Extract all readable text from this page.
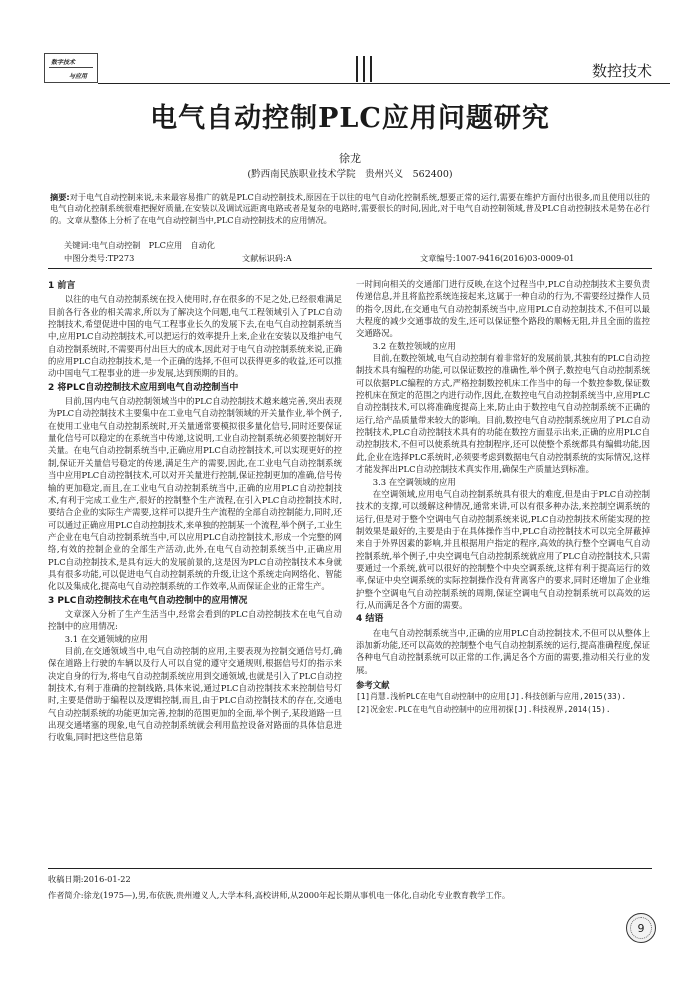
数字技术
与应用	数控技术
电气自动控制PLC应用问题研究
徐龙
(黔西南民族职业技术学院　贵州兴义　562400)
摘要:对于电气自动控制来说,未来最容易推广的就是PLC自动控制技术,原因在于以往的电气自动化控制系统,想要正常的运行,需要在维护方面付出很多,而且使用以往的电气自动化控制系统很难把握好质量,在安装以及调试远距离电路或者是复杂的电路时,需要很长的时间,因此,对于电气自动控制领域,普及PLC自动控制技术是势在必行的。文章从整体上分析了在电气自动控制当中,PLC自动控制技术的应用情况。
关键词:电气自动控制　PLC应用　自动化
中图分类号:TP273	文献标识码:A	文章编号:1007-9416(2016)03-0009-01
1 前言

以往的电气自动控制系统在投入使用时,存在很多的不足之处,已经很难满足目前各行各业的相关需求,所以为了解决这个问题,电气工程领域引入了PLC自动控制技术,希望促进中国的电气工程事业长久的发展下去,在电气自动控制系统当中,应用PLC自动控制技术,可以把运行的效率提升上来,企业在安装以及维护电气自动控制系统时,不需要再付出巨大的成本,因此对于电气自动控制系统来说,正确的应用PLC自动控制技术,是一个正确的选择,不但可以获得更多的收益,还可以推动中国电气工程事业的进一步发展,达到预期的目的。

2 将PLC自动控制技术应用到电气自动控制当中

目前,国内电气自动控制领域当中的PLC自动控制技术越来越完善,突出表现为PLC自动控制技术主要集中在工业电气自动控制领域的开关量作业,举个例子,在使用工业电气自动控制系统时,开关量通常要模拟很多量化信号,同时还要保证量化信号可以稳定的在系统当中传递,这说明,工业自动控制系统必须要控制好开关量。在电气自动控制系统当中,正确应用PLC自动控制技术,可以实现更好的控制,保证开关量信号稳定的传递,满足生产的需要,因此,在工业电气自动控制系统当中应用PLC自动控制技术,可以对开关量进行控制,保证控制更加的准确,信号传输的更加稳定,而且,在工业电气自动控制系统当中,正确的应用PLC自动控制技术,有利于完成工业生产,很好的控制整个生产流程,在引入PLC自动控制技术时,要结合企业的实际生产需要,这样可以提升生产流程的全部自动控制能力,同时,还可以通过正确应用PLC自动控制技术,来单独的控制某一个流程,举个例子,工业生产企业在电气自动控制系统当中,可以应用PLC自动控制技术,形成一个完整的网络,有效的控制企业的全部生产活动,此外,在电气自动控制系统当中,正确应用PLC自动控制技术,是具有远大的发展前景的,这是因为PLC自动控制技术本身就具有很多功能,可以促进电气自动控制系统的升级,让这个系统走向网络化、智能化以及集成化,提高电气自动控制系统的工作效率,从而保证企业的正常生产。

3 PLC自动控制技术在电气自动控制中的应用情况

文章深入分析了生产生活当中,经常会看到的PLC自动控制技术在电气自动控制中的应用情况:

3.1 在交通领域的应用

目前,在交通领域当中,电气自动控制的应用,主要表现为控制交通信号灯,确保在道路上行驶的车辆以及行人可以自觉的遵守交通规则,根据信号灯的指示来决定自身的行为,将电气自动控制系统应用到交通领域,也就是引入了PLC自动控制技术,有利于准确的控制线路,具体来说,通过PLC自动控制技术来控制信号灯时,主要是借助于编程以及逻辑控制,而且,由于PLC自动控制技术的存在,交通电气自动控制系统的功能更加完善,控制的范围更加的全面,举个例子,某段道路一旦出现交通堵塞的现象,电气自动控制系统就会利用监控设备对路面的具体信息进行收集,同时把这些信息第

一时间向相关的交通部门进行反映,在这个过程当中,PLC自动控制技术主要负责传递信息,并且将监控系统连接起来,这属于一种自动的行为,不需要经过操作人员的指令,因此,在交通电气自动控制系统当中,应用PLC自动控制技术,不但可以最大程度的减少交通事故的发生,还可以保证整个路段的顺畅无阻,并且全面的监控交通路况。

3.2 在数控领域的应用

目前,在数控领域,电气自动控制有着非常好的发展前景,其独有的PLC自动控制技术具有编程的功能,可以保证数控的准确性,举个例子,数控电气自动控制系统可以依据PLC编程的方式,严格控制数控机床工作当中的每一个数控参数,保证数控机床在预定的范围之内进行动作,因此,在数控电气自动控制系统当中,应用PLC自动控制技术,可以将准确度提高上来,防止由于数控电气自动控制系统不正确的运行,给产品质量带来较大的影响。目前,数控电气自动控制系统应用了PLC自动控制技术,PLC自动控制技术具有的功能在数控方面显示出来,正确的应用PLC自动控制技术,不但可以使系统具有控制程序,还可以使整个系统都具有编辑功能,因此,企业在选择PLC系统时,必须要考虑到数据电气自动控制系统的实际情况,这样才能发挥出PLC自动控制技术真实作用,确保生产质量达到标准。

3.3 在空调领域的应用

在空调领域,应用电气自动控制系统具有很大的难度,但是由于PLC自动控制技术的支撑,可以缓解这种情况,通常来讲,可以有很多种办法,来控制空调系统的运行,但是对于整个空调电气自动控制系统来说,PLC自动控制技术所能实现的控制效果是最好的,主要是由于在具体操作当中,PLC自动控制技术可以完全屏蔽掉来自于外界因素的影响,并且根据用户指定的程序,高效的执行整个空调电气自动控制系统,举个例子,中央空调电气自动控制系统就应用了PLC自动控制技术,只需要通过一个系统,就可以很好的控制整个中央空调系统,这样有利于提高运行的效率,保证中央空调系统的实际控制操作没有背离客户的要求,同时还增加了企业维护整个空调电气自动控制系统的周期,保证空调电气自动控制系统可以高效的运行,从而满足各个方面的需要。

4 结语

在电气自动控制系统当中,正确的应用PLC自动控制技术,不但可以从整体上添加新功能,还可以高效的控制整个电气自动控制系统的运行,提高准确程度,保证各种电气自动控制系统可以正常的工作,满足各个方面的需要,推动相关行业的发展。

参考文献
[1]肖慧.浅析PLC在电气自动控制中的应用[J].科技创新与应用,2015(33).
[2]况金宏.PLC在电气自动控制中的应用初探[J].科技视界,2014(15).
收稿日期:2016-01-22
作者简介:徐龙(1975—),男,布依族,贵州遵义人,大学本科,高校讲师,从2000年起长期从事机电一体化,自动化专业教育教学工作。
9
